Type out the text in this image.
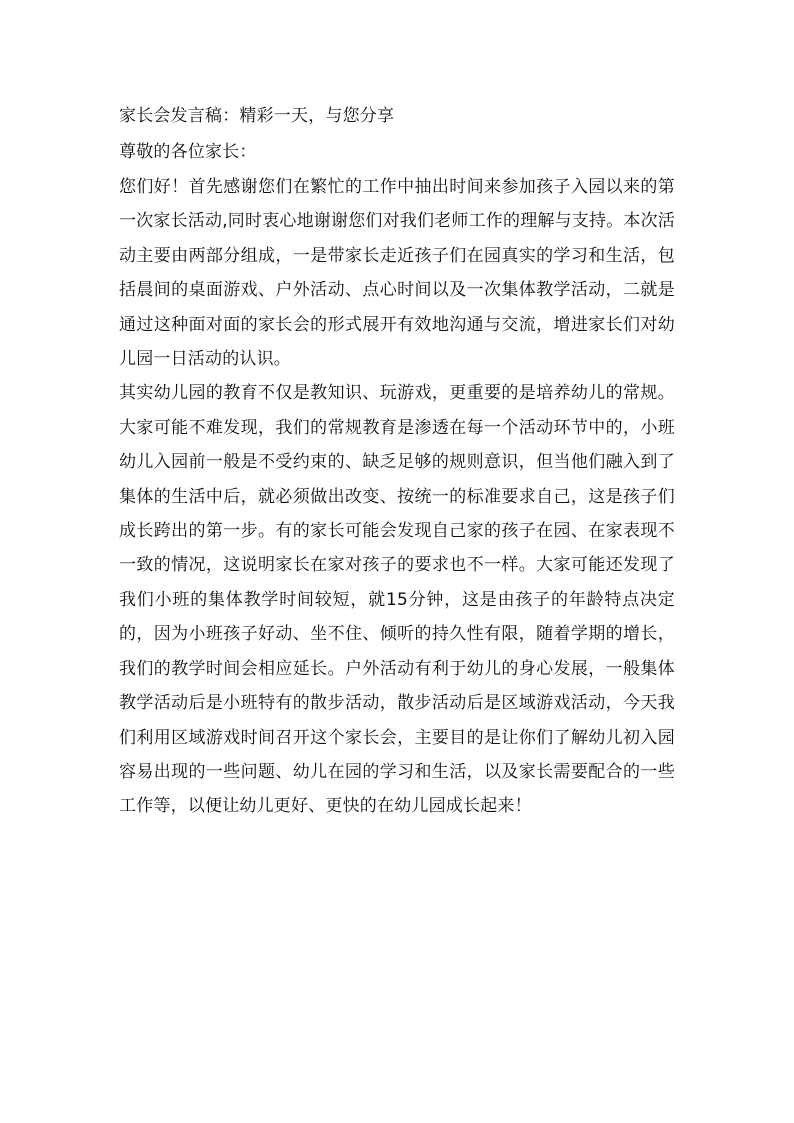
家长会发言稿：精彩一天，与您分享

尊敬的各位家长：

您们好！首先感谢您们在繁忙的工作中抽出时间来参加孩子入园以来的第一次家长活动,同时衷心地谢谢您们对我们老师工作的理解与支持。本次活动主要由两部分组成，一是带家长走近孩子们在园真实的学习和生活，包括晨间的桌面游戏、户外活动、点心时间以及一次集体教学活动，二就是通过这种面对面的家长会的形式展开有效地沟通与交流，增进家长们对幼儿园一日活动的认识。

其实幼儿园的教育不仅是教知识、玩游戏，更重要的是培养幼儿的常规。大家可能不难发现，我们的常规教育是渗透在每一个活动环节中的，小班幼儿入园前一般是不受约束的、缺乏足够的规则意识，但当他们融入到了集体的生活中后，就必须做出改变、按统一的标准要求自己，这是孩子们成长跨出的第一步。有的家长可能会发现自己家的孩子在园、在家表现不一致的情况，这说明家长在家对孩子的要求也不一样。大家可能还发现了我们小班的集体教学时间较短，就15分钟，这是由孩子的年龄特点决定的，因为小班孩子好动、坐不住、倾听的持久性有限，随着学期的增长，我们的教学时间会相应延长。户外活动有利于幼儿的身心发展，一般集体教学活动后是小班特有的散步活动，散步活动后是区域游戏活动，今天我们利用区域游戏时间召开这个家长会，主要目的是让你们了解幼儿初入园容易出现的一些问题、幼儿在园的学习和生活，以及家长需要配合的一些工作等，以便让幼儿更好、更快的在幼儿园成长起来！
